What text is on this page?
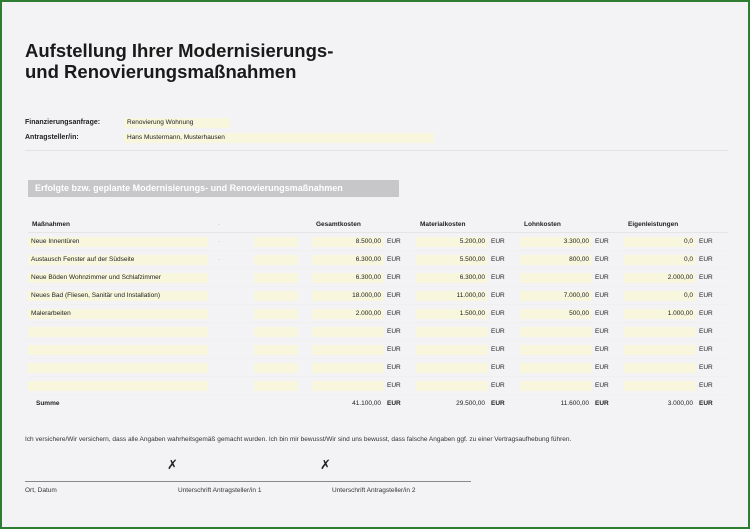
Aufstellung Ihrer Modernisierungs-
und Renovierungsmaßnahmen
Finanzierungsanfrage:	Renovierung Wohnung
Antragsteller/in:	Hans Mustermann, Musterhausen
Erfolgte bzw. geplante Modernisierungs- und Renovierungsmaßnahmen
Maßnahmen	·	Gesamtkosten	Materialkosten	Lohnkosten	Eigenleistungen
Neue Innentüren	·	8.500,00 EUR	5.200,00 EUR	3.300,00 EUR	0,0 EUR
Austausch Fenster auf der Südseite	·	6.300,00 EUR	5.500,00 EUR	800,00 EUR	0,0 EUR
Neue Böden Wohnzimmer und Schlafzimmer		6.300,00 EUR	6.300,00 EUR	EUR	2.000,00 EUR
Neues Bad (Fliesen, Sanitär und Installation)		18.000,00 EUR	11.000,00 EUR	7.000,00 EUR	0,0 EUR
Malerarbeiten		2.000,00 EUR	1.500,00 EUR	500,00 EUR	1.000,00 EUR
		EUR	EUR	EUR	EUR
		EUR	EUR	EUR	EUR
		EUR	EUR	EUR	EUR
		EUR	EUR	EUR	EUR
Summe		41.100,00 EUR	29.500,00 EUR	11.600,00 EUR	3.000,00 EUR
Ich versichere/Wir versichern, dass alle Angaben wahrheitsgemäß gemacht wurden. Ich bin mir bewusst/Wir sind uns bewusst, dass falsche Angaben ggf. zu einer Vertragsaufhebung führen.
✗	✗
Ort, Datum	Unterschrift Antragsteller/in 1	Unterschrift Antragsteller/in 2
